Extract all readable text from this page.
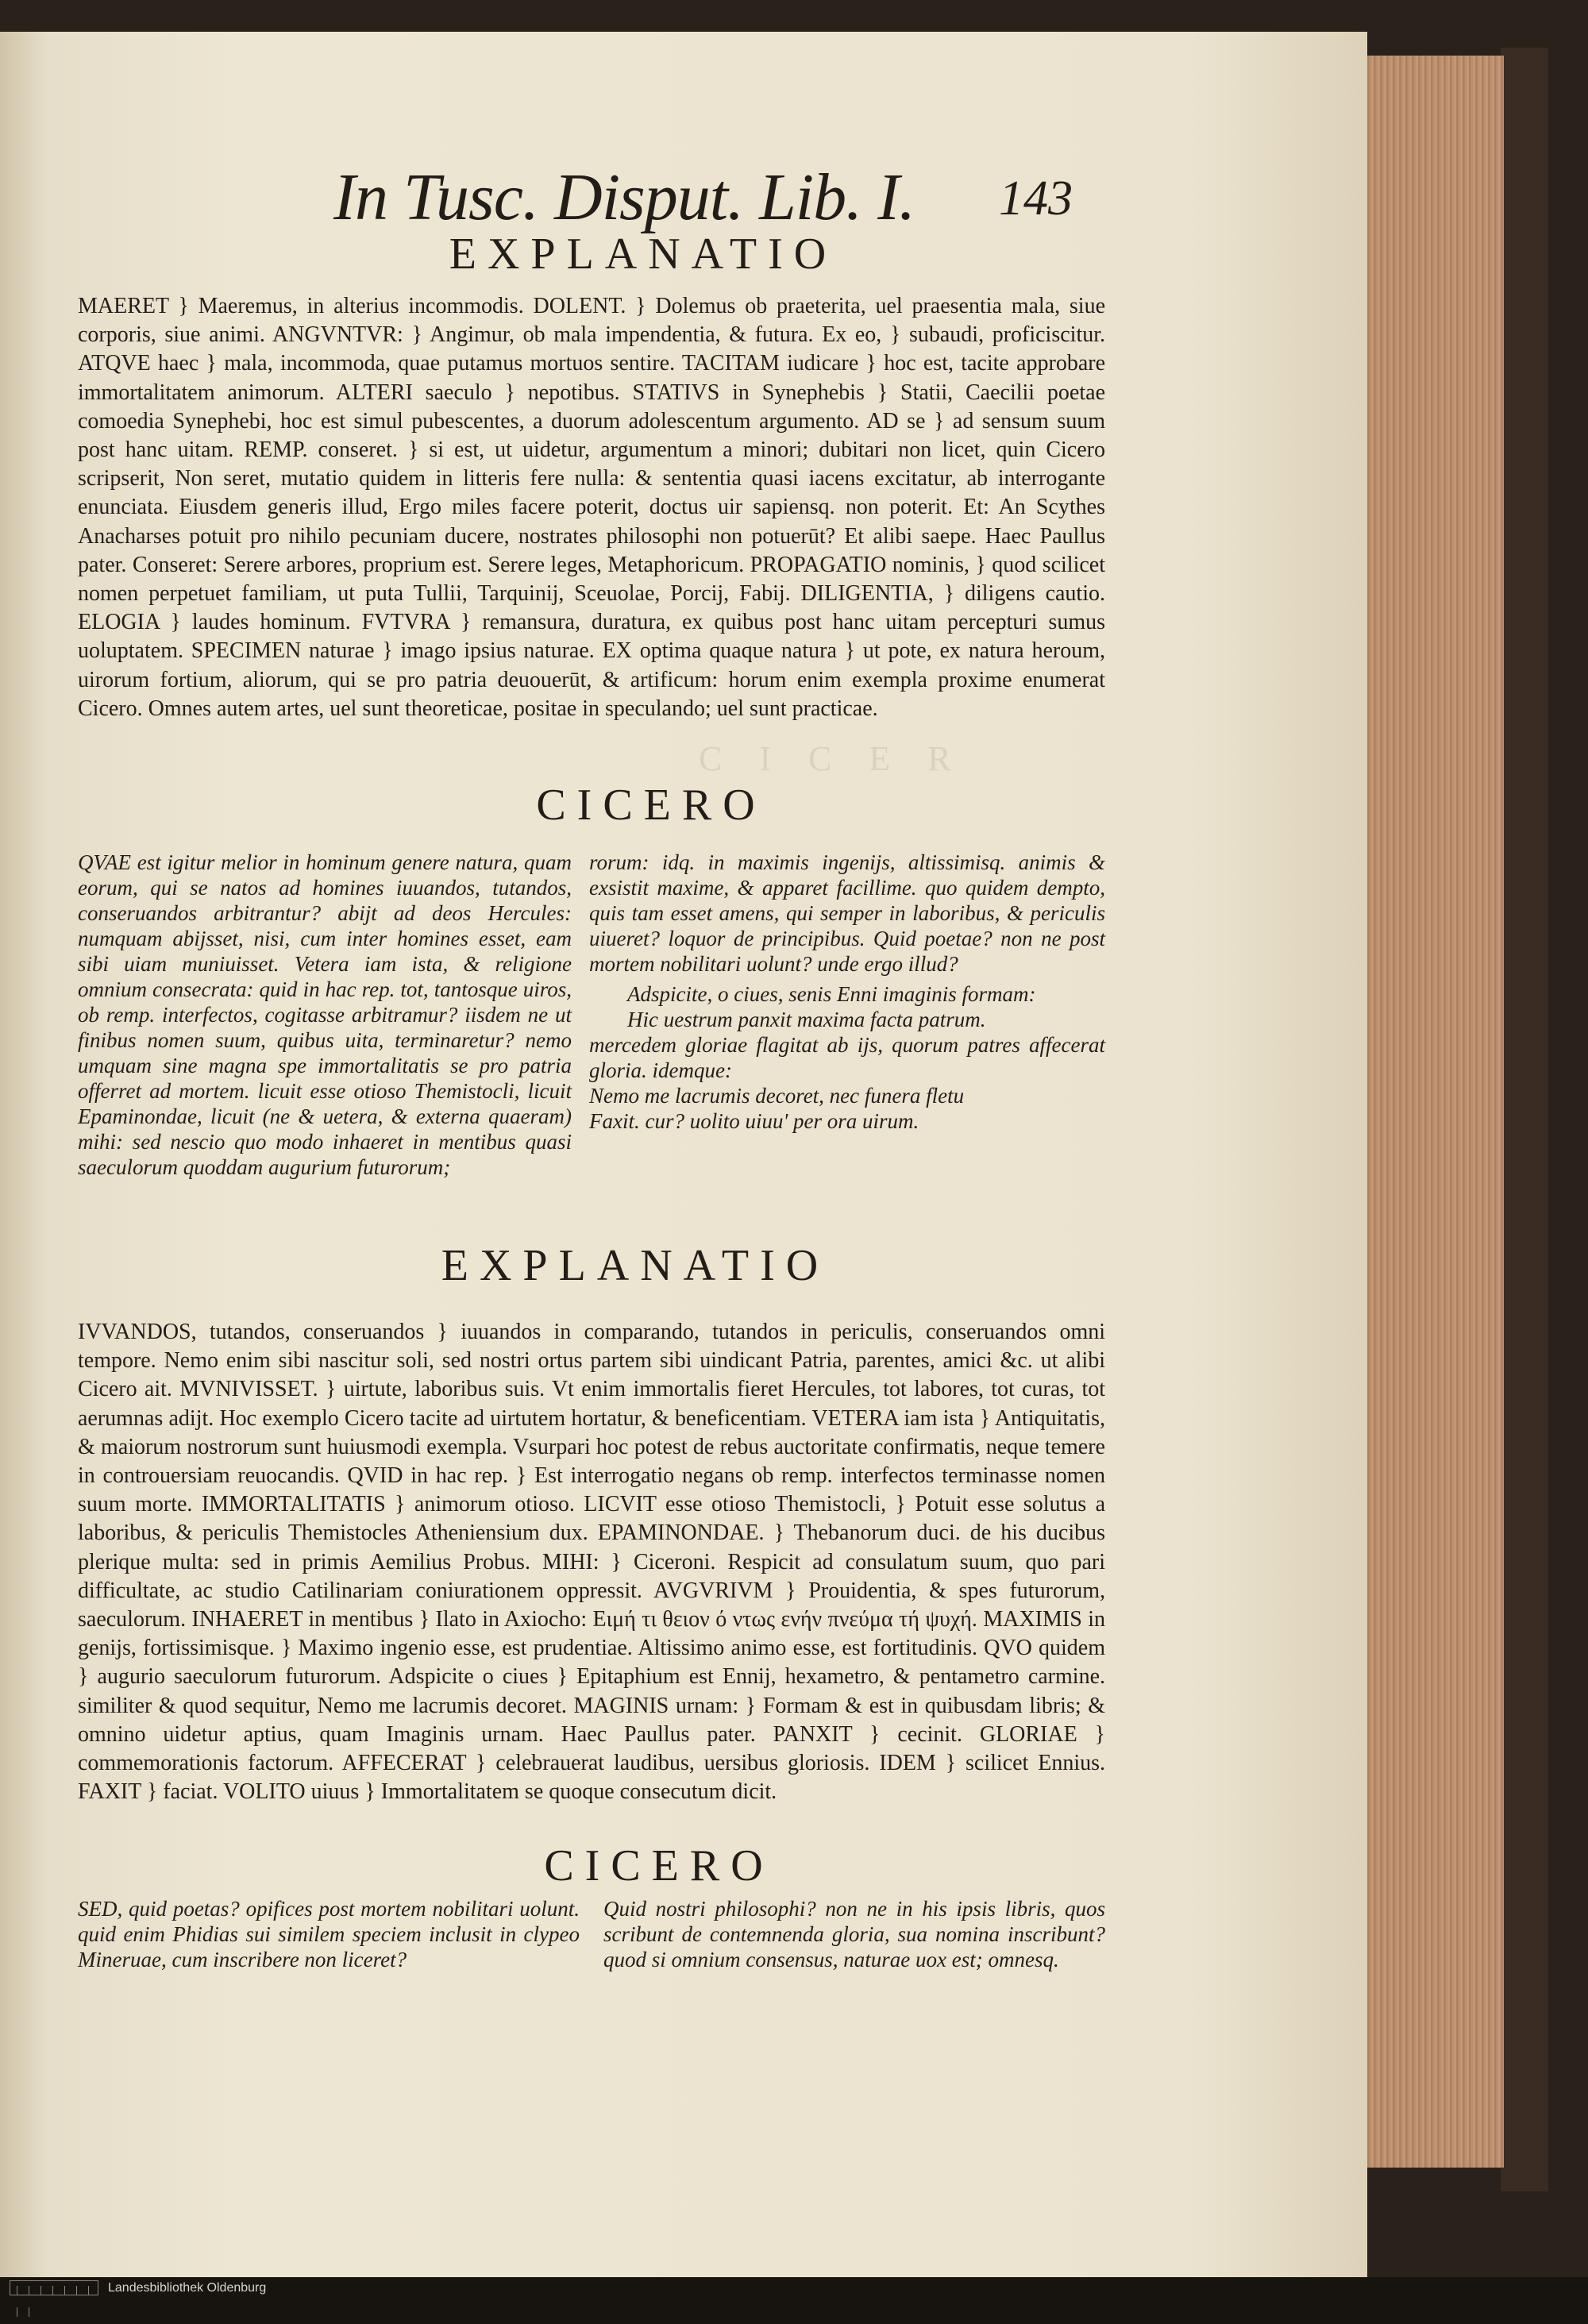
C I C E R
In Tusc. Disput. Lib. I. 143
EXPLANATIO

MAERET } Maeremus, in alterius incommodis. DOLENT. } Dolemus ob praeterita, uel praesentia mala, siue corporis, siue animi. ANGVNTVR: } Angimur, ob mala impendentia, & futura. Ex eo, } subaudi, proficiscitur. ATQVE haec } mala, incommoda, quae putamus mortuos sentire. TACITAM iudicare } hoc est, tacite approbare immortalitatem animorum. ALTERI saeculo } nepotibus. STATIVS in Synephebis } Statii, Caecilii poetae comoedia Synephebi, hoc est simul pubescentes, a duorum adolescentum argumento. AD se } ad sensum suum post hanc uitam. REMP. conseret. } si est, ut uidetur, argumentum a minori; dubitari non licet, quin Cicero scripserit, Non seret, mutatio quidem in litteris fere nulla: & sententia quasi iacens excitatur, ab interrogante enunciata. Eiusdem generis illud, Ergo miles facere poterit, doctus uir sapiensq. non poterit. Et: An Scythes Anacharses potuit pro nihilo pecuniam ducere, nostrates philosophi non potuerūt? Et alibi saepe. Haec Paullus pater. Conseret: Serere arbores, proprium est. Serere leges, Metaphoricum. PROPAGATIO nominis, } quod scilicet nomen perpetuet familiam, ut puta Tullii, Tarquinij, Sceuolae, Porcij, Fabij. DILIGENTIA, } diligens cautio. ELOGIA } laudes hominum. FVTVRA } remansura, duratura, ex quibus post hanc uitam percepturi sumus uoluptatem. SPECIMEN naturae } imago ipsius naturae. EX optima quaque natura } ut pote, ex natura heroum, uirorum fortium, aliorum, qui se pro patria deuouerūt, & artificum: horum enim exempla proxime enumerat Cicero. Omnes autem artes, uel sunt theoreticae, positae in speculando; uel sunt practicae.

CICERO

QVAE est igitur melior in hominum genere natura, quam eorum, qui se natos ad homines iuuandos, tutandos, conseruandos arbitrantur? abijt ad deos Hercules: numquam abijsset, nisi, cum inter homines esset, eam sibi uiam muniuisset. Vetera iam ista, & religione omnium consecrata: quid in hac rep. tot, tantosque uiros, ob remp. interfectos, cogitasse arbitramur? iisdem ne ut finibus nomen suum, quibus uita, terminaretur? nemo umquam sine magna spe immortalitatis se pro patria offerret ad mortem. licuit esse otioso Themistocli, licuit Epaminondae, licuit (ne & uetera, & externa quaeram) mihi: sed nescio quo modo inhaeret in mentibus quasi saeculorum quoddam augurium futurorum;

rorum: idq. in maximis ingenijs, altissimisq. animis & exsistit maxime, & apparet facillime. quo quidem dempto, quis tam esset amens, qui semper in laboribus, & periculis uiueret? loquor de principibus. Quid poetae? non ne post mortem nobilitari uolunt? unde ergo illud?

Adspicite, o ciues, senis Enni imaginis formam:

Hic uestrum panxit maxima facta patrum.

mercedem gloriae flagitat ab ijs, quorum patres affecerat gloria. idemque:

Nemo me lacrumis decoret, nec funera fletu

Faxit. cur? uolito uiuu' per ora uirum.

EXPLANATIO

IVVANDOS, tutandos, conseruandos } iuuandos in comparando, tutandos in periculis, conseruandos omni tempore. Nemo enim sibi nascitur soli, sed nostri ortus partem sibi uindicant Patria, parentes, amici &c. ut alibi Cicero ait. MVNIVISSET. } uirtute, laboribus suis. Vt enim immortalis fieret Hercules, tot labores, tot curas, tot aerumnas adijt. Hoc exemplo Cicero tacite ad uirtutem hortatur, & beneficentiam. VETERA iam ista } Antiquitatis, & maiorum nostrorum sunt huiusmodi exempla. Vsurpari hoc potest de rebus auctoritate confirmatis, neque temere in controuersiam reuocandis. QVID in hac rep. } Est interrogatio negans ob remp. interfectos terminasse nomen suum morte. IMMORTALITATIS } animorum otioso. LICVIT esse otioso Themistocli, } Potuit esse solutus a laboribus, & periculis Themistocles Atheniensium dux. EPAMINONDAE. } Thebanorum duci. de his ducibus plerique multa: sed in primis Aemilius Probus. MIHI: } Ciceroni. Respicit ad consulatum suum, quo pari difficultate, ac studio Catilinariam coniurationem oppressit. AVGVRIVM } Prouidentia, & spes futurorum, saeculorum. INHAERET in mentibus } Ilato in Axiocho: Ειμή τι θειον ό ντως ενήν πνεύμα τή ψυχή. MAXIMIS in genijs, fortissimisque. } Maximo ingenio esse, est prudentiae. Altissimo animo esse, est fortitudinis. QVO quidem } augurio saeculorum futurorum. Adspicite o ciues } Epitaphium est Ennij, hexametro, & pentametro carmine. similiter & quod sequitur, Nemo me lacrumis decoret. MAGINIS urnam: } Formam & est in quibusdam libris; & omnino uidetur aptius, quam Imaginis urnam. Haec Paullus pater. PANXIT } cecinit. GLORIAE } commemorationis factorum. AFFECERAT } celebrauerat laudibus, uersibus gloriosis. IDEM } scilicet Ennius. FAXIT } faciat. VOLITO uiuus } Immortalitatem se quoque consecutum dicit.

CICERO

SED, quid poetas? opifices post mortem nobilitari uolunt. quid enim Phidias sui similem speciem inclusit in clypeo Mineruae, cum inscribere non liceret?

Quid nostri philosophi? non ne in his ipsis libris, quos scribunt de contemnenda gloria, sua nomina inscribunt? quod si omnium consensus, naturae uox est; omnesq.

Landesbibliothek Oldenburg
